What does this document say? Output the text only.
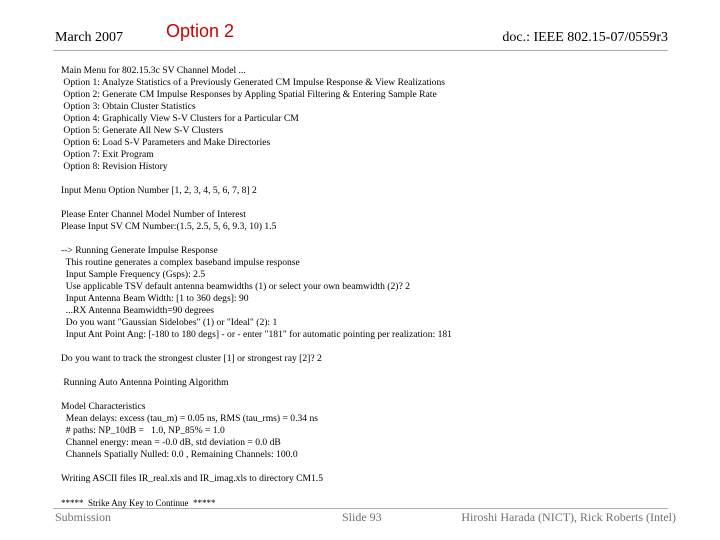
March 2007 Option 2	doc.: IEEE 802.15-07/0559r3
Main Menu for 802.15.3c SV Channel Model ...
Option 1: Analyze Statistics of a Previously Generated CM Impulse Response & View Realizations
Option 2: Generate CM Impulse Responses by Appling Spatial Filtering & Entering Sample Rate
Option 3: Obtain Cluster Statistics
Option 4: Graphically View S-V Clusters for a Particular CM
Option 5: Generate All New S-V Clusters
Option 6: Load S-V Parameters and Make Directories
Option 7: Exit Program
Option 8: Revision History
Input Menu Option Number [1, 2, 3, 4, 5, 6, 7, 8] 2
Please Enter Channel Model Number of Interest
Please Input SV CM Number:(1.5, 2.5, 5, 6, 9.3, 10) 1.5
--> Running Generate Impulse Response
This routine generates a complex baseband impulse response
Input Sample Frequency (Gsps): 2.5
Use applicable TSV default antenna beamwidths (1) or select your own beamwidth (2)? 2
Input Antenna Beam Width: [1 to 360 degs]: 90
...RX Antenna Beamwidth=90 degrees
Do you want "Gaussian Sidelobes" (1) or "Ideal" (2): 1
Input Ant Point Ang: [-180 to 180 degs] - or - enter "181" for automatic pointing per realization: 181
Do you want to track the strongest cluster [1] or strongest ray [2]? 2
Running Auto Antenna Pointing Algorithm
Model Characteristics
Mean delays: excess (tau_m) = 0.05 ns, RMS (tau_rms) = 0.34 ns
# paths: NP_10dB =   1.0, NP_85% = 1.0
Channel energy: mean = -0.0 dB, std deviation = 0.0 dB
Channels Spatially Nulled: 0.0 , Remaining Channels: 100.0
Writing ASCII files IR_real.xls and IR_imag.xls to directory CM1.5
*****  Strike Any Key to Continue  *****
Submission	Slide 93	Hiroshi Harada (NICT), Rick Roberts (Intel)
